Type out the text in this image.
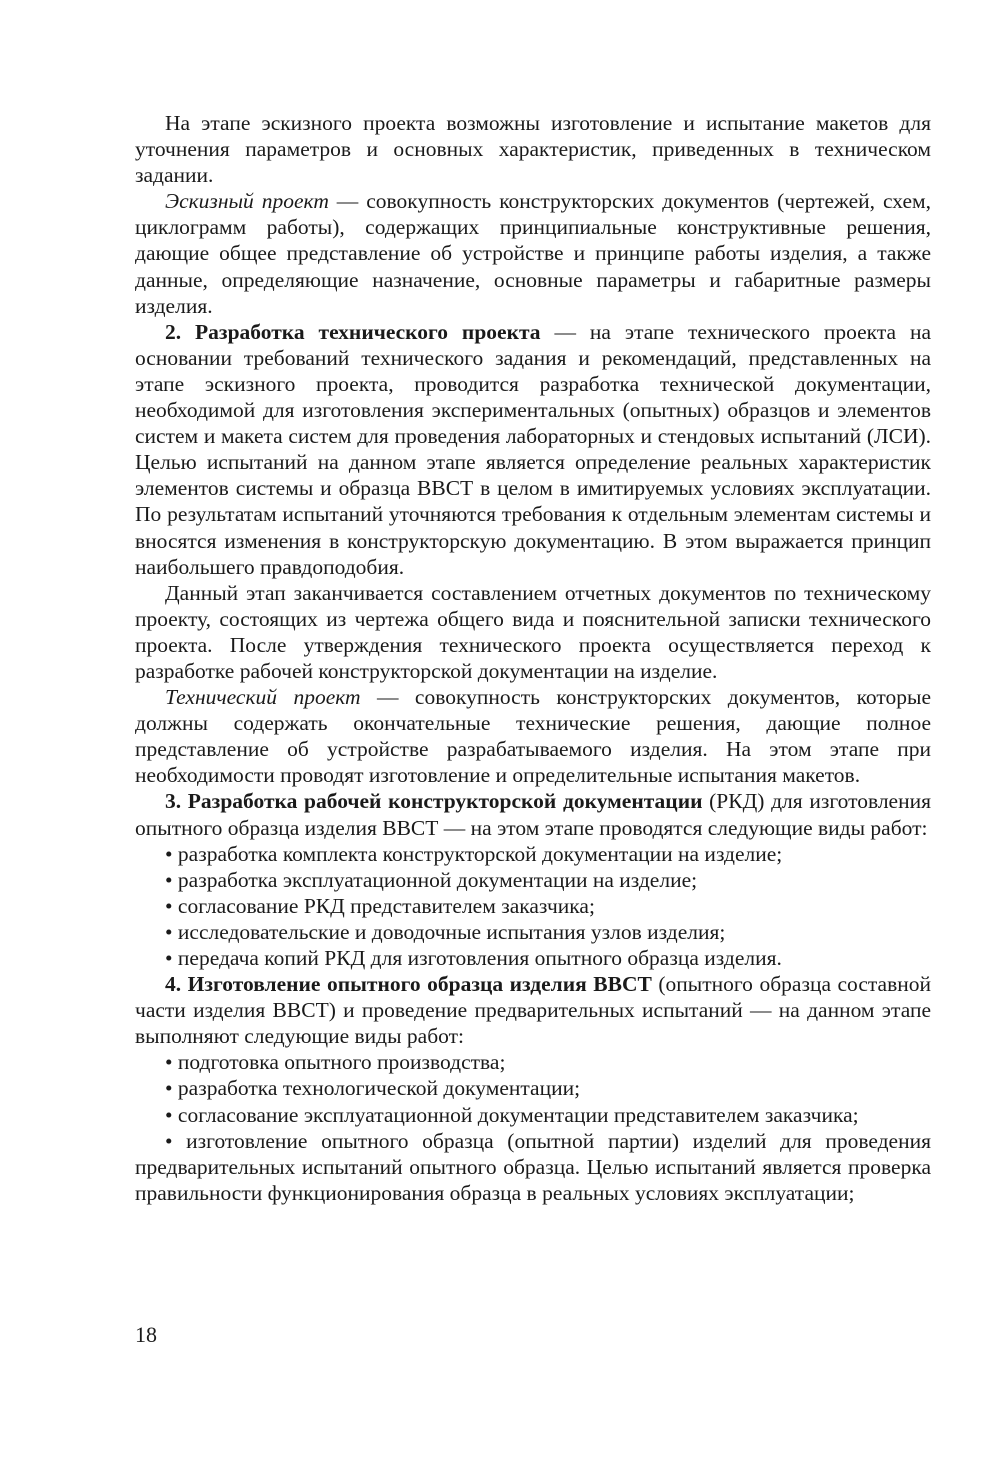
На этапе эскизного проекта возможны изготовление и испытание макетов для уточнения параметров и основных характеристик, приведенных в техническом задании.

Эскизный проект — совокупность конструкторских документов (чертежей, схем, циклограмм работы), содержащих принципиальные конструктивные решения, дающие общее представление об устройстве и принципе работы изделия, а также данные, определяющие назначение, основные параметры и габаритные размеры изделия.

2. Разработка технического проекта — на этапе технического проекта на основании требований технического задания и рекомендаций, представленных на этапе эскизного проекта, проводится разработка технической документации, необходимой для изготовления экспериментальных (опытных) образцов и элементов систем и макета систем для проведения лабораторных и стендовых испытаний (ЛСИ). Целью испытаний на данном этапе является определение реальных характеристик элементов системы и образца ВВСТ в целом в имитируемых условиях эксплуатации. По результатам испытаний уточняются требования к отдельным элементам системы и вносятся изменения в конструкторскую документацию. В этом выражается принцип наибольшего правдоподобия.

Данный этап заканчивается составлением отчетных документов по техническому проекту, состоящих из чертежа общего вида и пояснительной записки технического проекта. После утверждения технического проекта осуществляется переход к разработке рабочей конструкторской документации на изделие.

Технический проект — совокупность конструкторских документов, которые должны содержать окончательные технические решения, дающие полное представление об устройстве разрабатываемого изделия. На этом этапе при необходимости проводят изготовление и определительные испытания макетов.

3. Разработка рабочей конструкторской документации (РКД) для изготовления опытного образца изделия ВВСТ — на этом этапе проводятся следующие виды работ:

• разработка комплекта конструкторской документации на изделие;

• разработка эксплуатационной документации на изделие;

• согласование РКД представителем заказчика;

• исследовательские и доводочные испытания узлов изделия;

• передача копий РКД для изготовления опытного образца изделия.

4. Изготовление опытного образца изделия ВВСТ (опытного образца составной части изделия ВВСТ) и проведение предварительных испытаний — на данном этапе выполняют следующие виды работ:

• подготовка опытного производства;

• разработка технологической документации;

• согласование эксплуатационной документации представителем заказчика;

• изготовление опытного образца (опытной партии) изделий для проведения предварительных испытаний опытного образца. Целью испытаний является проверка правильности функционирования образца в реальных условиях эксплуатации;

18
